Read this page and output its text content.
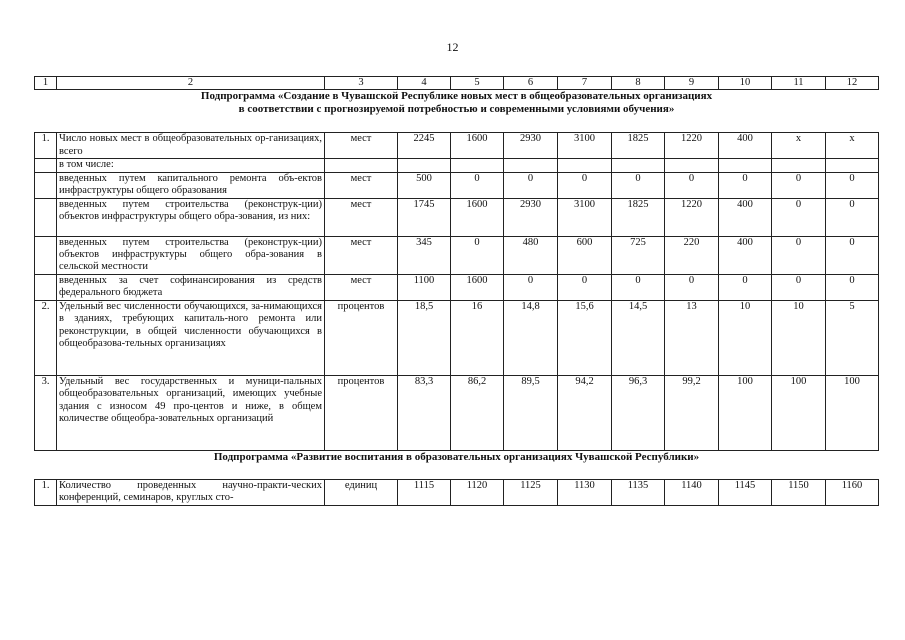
12
1	2	3	4	5	6	7	8	9	10	11	12

Подпрограмма «Создание в Чувашской Республике новых мест в общеобразовательных организациях
в соответствии с прогнозируемой потребностью и современными условиями обучения»											

1.	Число новых мест в общеобразовательных ор-ганизациях, всего	мест	2245	1600	2930	3100	1825	1220	400	x	x
	в том числе:										
	введенных путем капитального ремонта объ-ектов инфраструктуры общего образования	мест	500	0	0	0	0	0	0	0	0
	введенных путем строительства (реконструк-ции) объектов инфраструктуры общего обра-зования, из них:	мест	1745	1600	2930	3100	1825	1220	400	0	0
	введенных путем строительства (реконструк-ции) объектов инфраструктуры общего обра-зования в сельской местности	мест	345	0	480	600	725	220	400	0	0
	введенных за счет софинансирования из средств федерального бюджета	мест	1100	1600	0	0	0	0	0	0	0
2.	Удельный вес численности обучающихся, за-нимающихся в зданиях, требующих капиталь-ного ремонта или реконструкции, в общей численности обучающихся в общеобразова-тельных организациях	процентов	18,5	16	14,8	15,6	14,5	13	10	10	5
3.	Удельный вес государственных и муници-пальных общеобразовательных организаций, имеющих учебные здания с износом 49 про-центов и ниже, в общем количестве общеобра-зовательных организаций	процентов	83,3	86,2	89,5	94,2	96,3	99,2	100	100	100
Подпрограмма «Развитие воспитания в образовательных организациях Чувашской Республики»											
1.	Количество проведенных научно-практи-ческих конференций, семинаров, круглых сто-	единиц	1115	1120	1125	1130	1135	1140	1145	1150	1160
